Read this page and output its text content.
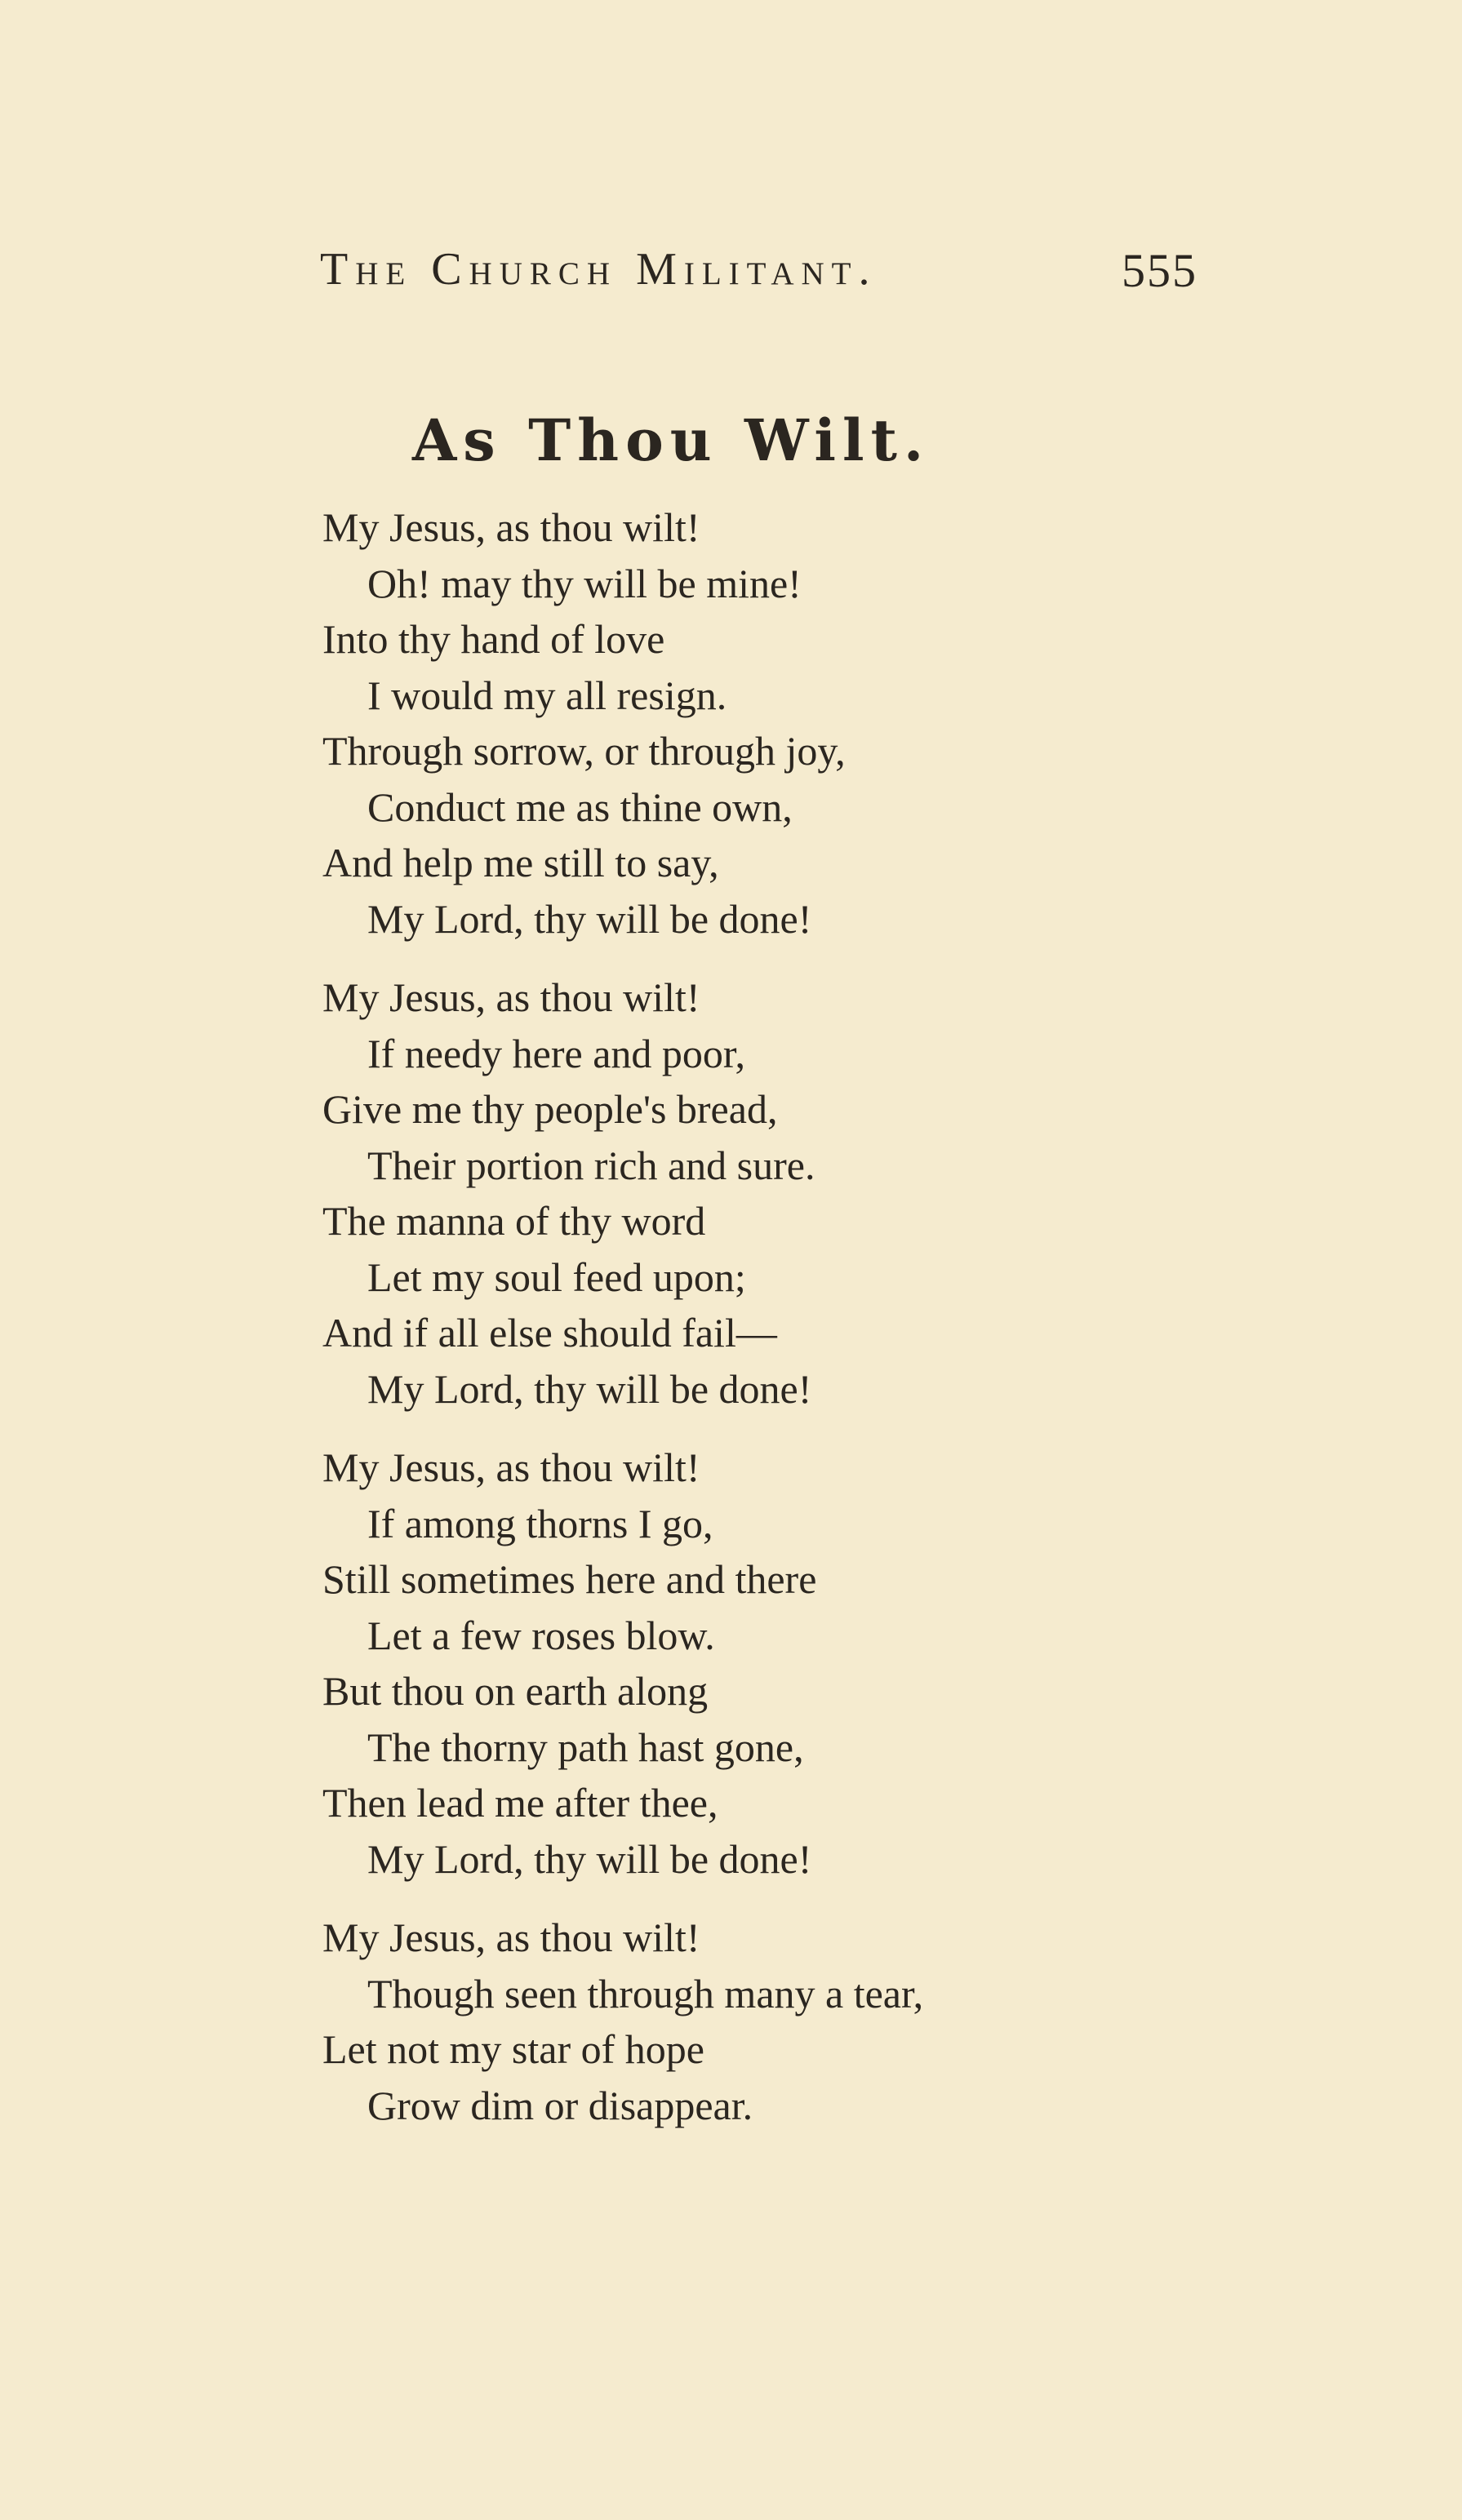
The Church Militant.	555
As Thou Wilt.
My Jesus, as thou wilt!
Oh! may thy will be mine!
Into thy hand of love
I would my all resign.
Through sorrow, or through joy,
Conduct me as thine own,
And help me still to say,
My Lord, thy will be done!
My Jesus, as thou wilt!
If needy here and poor,
Give me thy people's bread,
Their portion rich and sure.
The manna of thy word
Let my soul feed upon;
And if all else should fail—
My Lord, thy will be done!
My Jesus, as thou wilt!
If among thorns I go,
Still sometimes here and there
Let a few roses blow.
But thou on earth along
The thorny path hast gone,
Then lead me after thee,
My Lord, thy will be done!
My Jesus, as thou wilt!
Though seen through many a tear,
Let not my star of hope
Grow dim or disappear.
